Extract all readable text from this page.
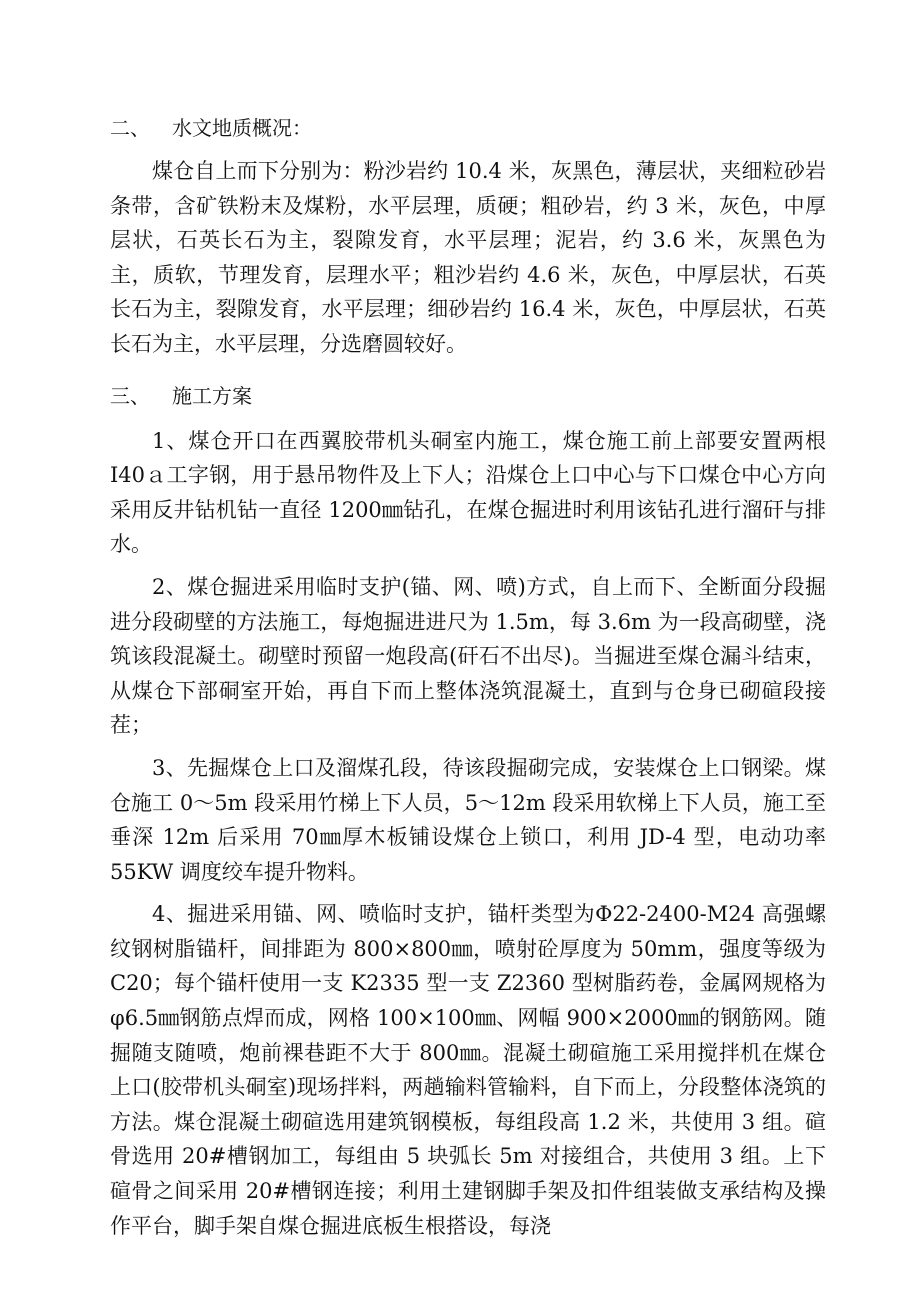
二、 水文地质概况：

煤仓自上而下分别为：粉沙岩约 10.4 米，灰黑色，薄层状，夹细粒砂岩条带，含矿铁粉末及煤粉，水平层理，质硬；粗砂岩，约 3 米，灰色，中厚层状，石英长石为主，裂隙发育，水平层理；泥岩，约 3.6 米，灰黑色为主，质软，节理发育，层理水平；粗沙岩约 4.6 米，灰色，中厚层状，石英长石为主，裂隙发育，水平层理；细砂岩约 16.4 米，灰色，中厚层状，石英长石为主，水平层理，分选磨圆较好。

三、 施工方案

1、煤仓开口在西翼胶带机头硐室内施工，煤仓施工前上部要安置两根 I40ａ工字钢，用于悬吊物件及上下人；沿煤仓上口中心与下口煤仓中心方向采用反井钻机钻一直径 1200㎜钻孔，在煤仓掘进时利用该钻孔进行溜矸与排水。

2、煤仓掘进采用临时支护(锚、网、喷)方式，自上而下、全断面分段掘进分段砌壁的方法施工，每炮掘进进尺为 1.5m，每 3.6m 为一段高砌壁，浇筑该段混凝土。砌壁时预留一炮段高(矸石不出尽)。当掘进至煤仓漏斗结束，从煤仓下部硐室开始，再自下而上整体浇筑混凝土，直到与仓身已砌碹段接茬；

3、先掘煤仓上口及溜煤孔段，待该段掘砌完成，安装煤仓上口钢梁。煤仓施工 0～5m 段采用竹梯上下人员，5～12m 段采用软梯上下人员，施工至垂深 12m 后采用 70㎜厚木板铺设煤仓上锁口，利用 JD-4 型，电动功率 55KW 调度绞车提升物料。

4、掘进采用锚、网、喷临时支护，锚杆类型为Φ22-2400-M24 高强螺纹钢树脂锚杆，间排距为 800×800㎜，喷射砼厚度为 50mm，强度等级为 C20；每个锚杆使用一支 K2335 型一支 Z2360 型树脂药卷，金属网规格为φ6.5㎜钢筋点焊而成，网格 100×100㎜、网幅 900×2000㎜的钢筋网。随掘随支随喷，炮前裸巷距不大于 800㎜。混凝土砌碹施工采用搅拌机在煤仓上口(胶带机头硐室)现场拌料，两趟输料管输料，自下而上，分段整体浇筑的方法。煤仓混凝土砌碹选用建筑钢模板，每组段高 1.2 米，共使用 3 组。碹骨选用 20#槽钢加工，每组由 5 块弧长 5m 对接组合，共使用 3 组。上下碹骨之间采用 20#槽钢连接；利用土建钢脚手架及扣件组装做支承结构及操作平台，脚手架自煤仓掘进底板生根搭设，每浇
